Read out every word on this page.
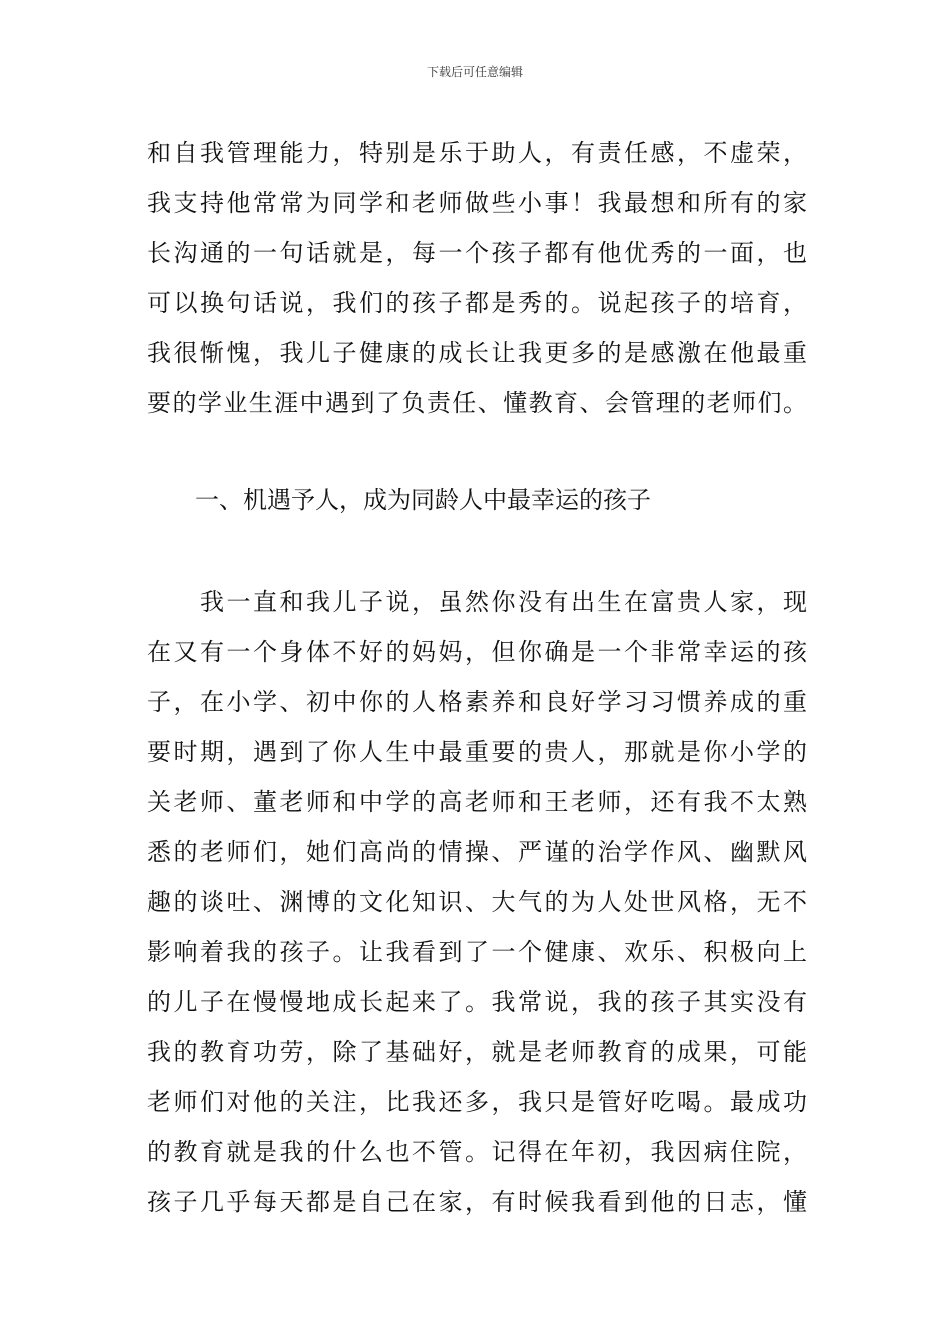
下载后可任意编辑
和自我管理能力，特别是乐于助人，有责任感，不虚荣，
我支持他常常为同学和老师做些小事！我最想和所有的家
长沟通的一句话就是，每一个孩子都有他优秀的一面，也
可以换句话说，我们的孩子都是秀的。说起孩子的培育，
我很惭愧，我儿子健康的成长让我更多的是感激在他最重
要的学业生涯中遇到了负责任、懂教育、会管理的老师们。
一、机遇予人，成为同龄人中最幸运的孩子
　　我一直和我儿子说，虽然你没有出生在富贵人家，现
在又有一个身体不好的妈妈，但你确是一个非常幸运的孩
子，在小学、初中你的人格素养和良好学习习惯养成的重
要时期，遇到了你人生中最重要的贵人，那就是你小学的
关老师、董老师和中学的高老师和王老师，还有我不太熟
悉的老师们，她们高尚的情操、严谨的治学作风、幽默风
趣的谈吐、渊博的文化知识、大气的为人处世风格，无不
影响着我的孩子。让我看到了一个健康、欢乐、积极向上
的儿子在慢慢地成长起来了。我常说，我的孩子其实没有
我的教育功劳，除了基础好，就是老师教育的成果，可能
老师们对他的关注，比我还多，我只是管好吃喝。最成功
的教育就是我的什么也不管。记得在年初，我因病住院，
孩子几乎每天都是自己在家，有时候我看到他的日志，懂
